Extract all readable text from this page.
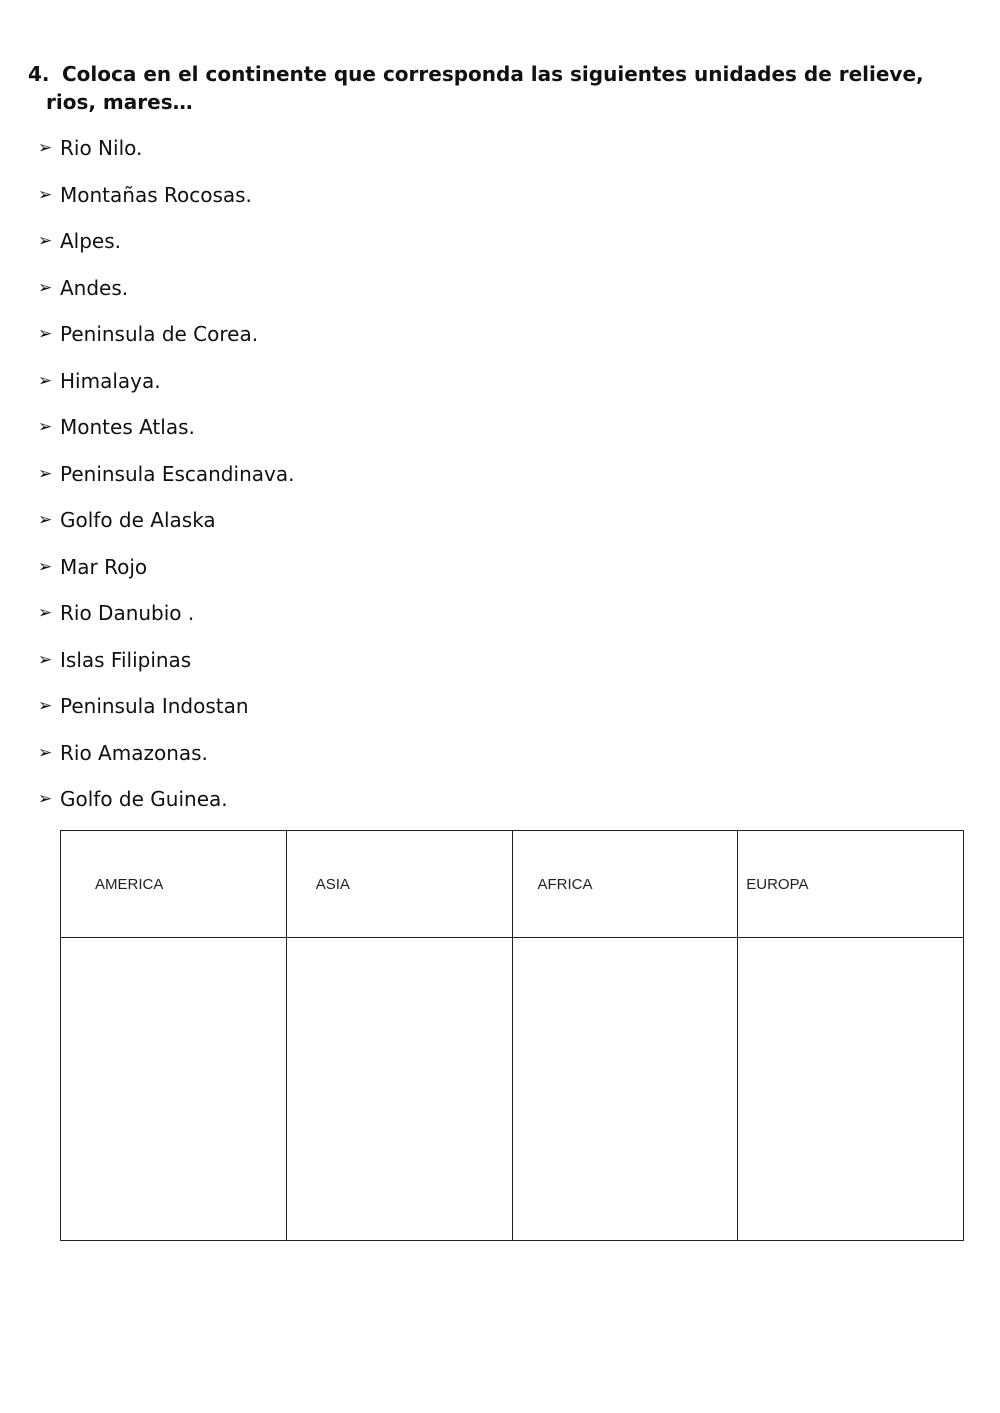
4. Coloca en el continente que corresponda las siguientes unidades de relieve,
rios, mares…
➢ Rio Nilo.
➢ Montañas Rocosas.
➢ Alpes.
➢ Andes.
➢ Peninsula de Corea.
➢ Himalaya.
➢ Montes Atlas.
➢ Peninsula Escandinava.
➢ Golfo de Alaska
➢ Mar Rojo
➢ Rio Danubio .
➢ Islas Filipinas
➢ Peninsula Indostan
➢ Rio Amazonas.
➢ Golfo de Guinea.
AMERICA	ASIA	AFRICA	EUROPA
